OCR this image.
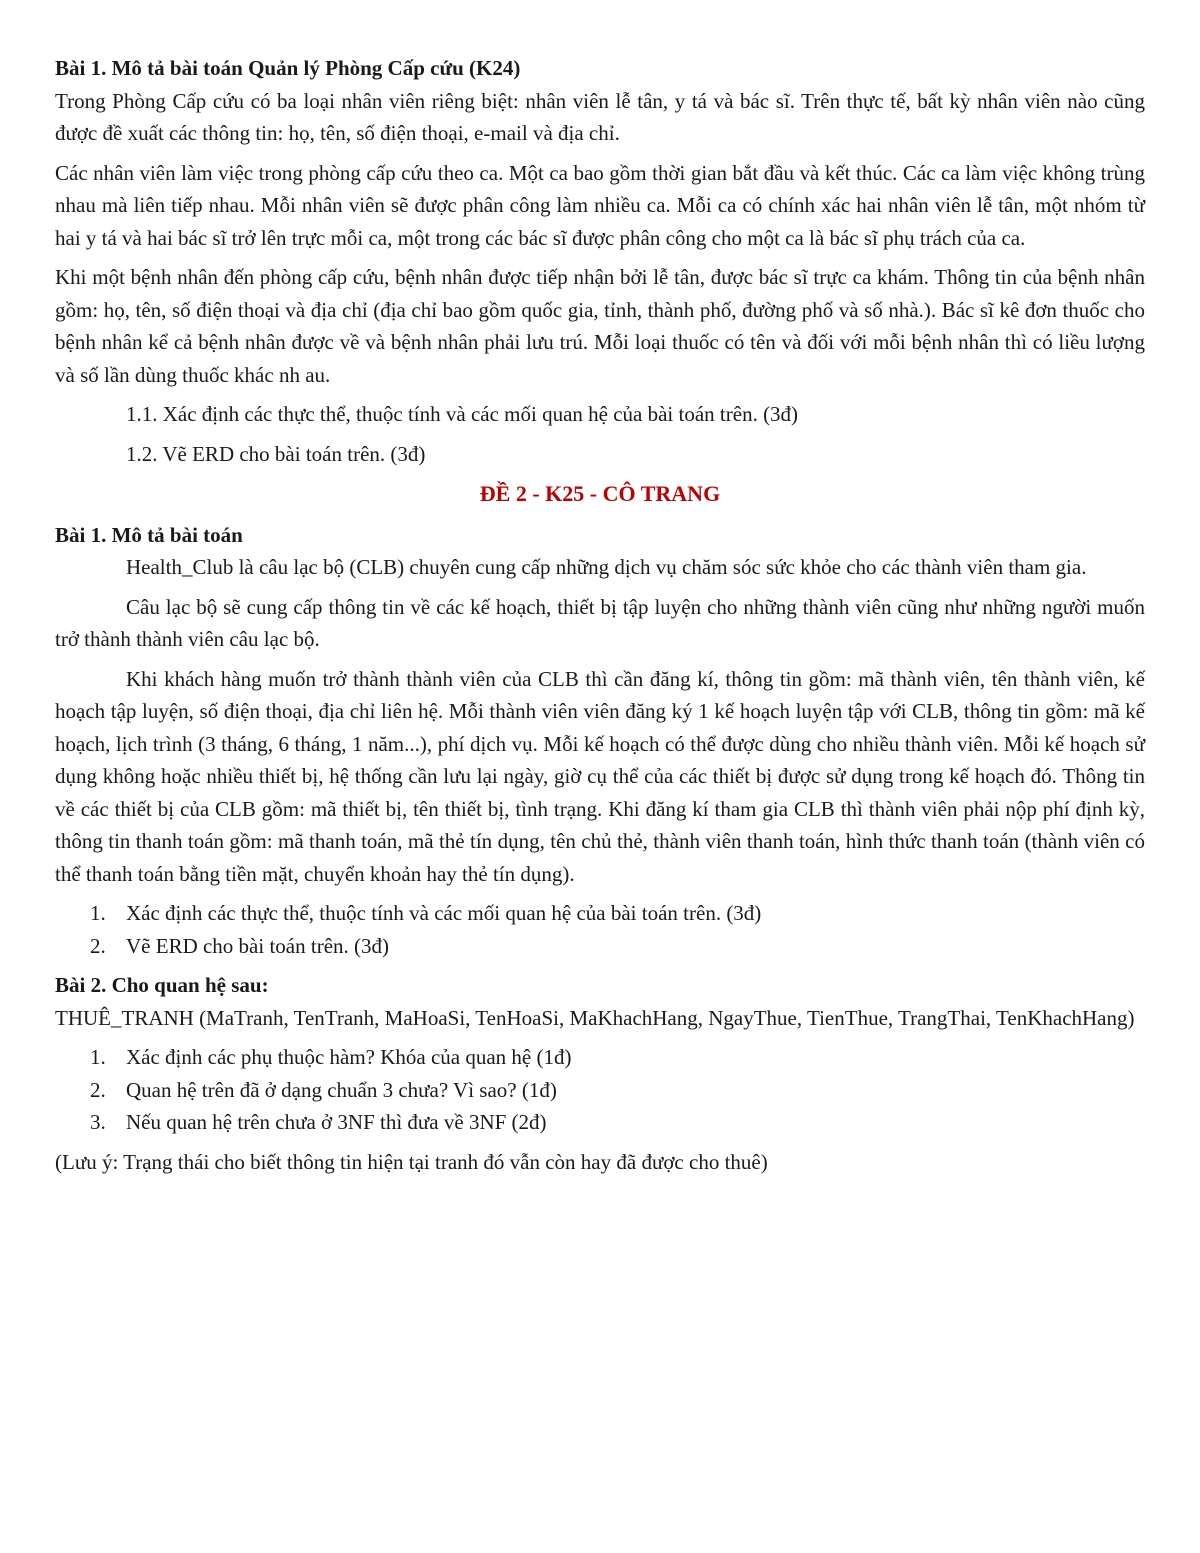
Bài 1. Mô tả bài toán Quản lý Phòng Cấp cứu (K24)

Trong Phòng Cấp cứu có ba loại nhân viên riêng biệt: nhân viên lễ tân, y tá và bác sĩ. Trên thực tế, bất kỳ nhân viên nào cũng được đề xuất các thông tin: họ, tên, số điện thoại, e-mail và địa chỉ.

Các nhân viên làm việc trong phòng cấp cứu theo ca. Một ca bao gồm thời gian bắt đầu và kết thúc. Các ca làm việc không trùng nhau mà liên tiếp nhau. Mỗi nhân viên sẽ được phân công làm nhiều ca. Mỗi ca có chính xác hai nhân viên lễ tân, một nhóm từ hai y tá và hai bác sĩ trở lên trực mỗi ca, một trong các bác sĩ được phân công cho một ca là bác sĩ phụ trách của ca.

Khi một bệnh nhân đến phòng cấp cứu, bệnh nhân được tiếp nhận bởi lễ tân, được bác sĩ trực ca khám. Thông tin của bệnh nhân gồm: họ, tên, số điện thoại và địa chỉ (địa chỉ bao gồm quốc gia, tỉnh, thành phố, đường phố và số nhà.). Bác sĩ kê đơn thuốc cho bệnh nhân kể cả bệnh nhân được về và bệnh nhân phải lưu trú. Mỗi loại thuốc có tên và đối với mỗi bệnh nhân thì có liều lượng và số lần dùng thuốc khác nh au.

1.1. Xác định các thực thể, thuộc tính và các mối quan hệ của bài toán trên. (3đ)

1.2. Vẽ ERD cho bài toán trên. (3đ)

ĐỀ 2 - K25 - CÔ TRANG

Bài 1. Mô tả bài toán

Health_Club là câu lạc bộ (CLB) chuyên cung cấp những dịch vụ chăm sóc sức khỏe cho các thành viên tham gia.

Câu lạc bộ sẽ cung cấp thông tin về các kế hoạch, thiết bị tập luyện cho những thành viên cũng như những người muốn trở thành thành viên câu lạc bộ.

Khi khách hàng muốn trở thành thành viên của CLB thì cần đăng kí, thông tin gồm: mã thành viên, tên thành viên, kế hoạch tập luyện, số điện thoại, địa chỉ liên hệ. Mỗi thành viên viên đăng ký 1 kế hoạch luyện tập với CLB, thông tin gồm: mã kế hoạch, lịch trình (3 tháng, 6 tháng, 1 năm...), phí dịch vụ. Mỗi kế hoạch có thể được dùng cho nhiều thành viên. Mỗi kế hoạch sử dụng không hoặc nhiều thiết bị, hệ thống cần lưu lại ngày, giờ cụ thể của các thiết bị được sử dụng trong kế hoạch đó. Thông tin về các thiết bị của CLB gồm: mã thiết bị, tên thiết bị, tình trạng. Khi đăng kí tham gia CLB thì thành viên phải nộp phí định kỳ, thông tin thanh toán gồm: mã thanh toán, mã thẻ tín dụng, tên chủ thẻ, thành viên thanh toán, hình thức thanh toán (thành viên có thể thanh toán bằng tiền mặt, chuyển khoản hay thẻ tín dụng).

1. Xác định các thực thể, thuộc tính và các mối quan hệ của bài toán trên. (3đ)
2. Vẽ ERD cho bài toán trên. (3đ)

Bài 2. Cho quan hệ sau:

THUÊ_TRANH (MaTranh, TenTranh, MaHoaSi, TenHoaSi, MaKhachHang, NgayThue, TienThue, TrangThai, TenKhachHang)

1. Xác định các phụ thuộc hàm? Khóa của quan hệ (1đ)
2. Quan hệ trên đã ở dạng chuẩn 3 chưa? Vì sao? (1đ)
3. Nếu quan hệ trên chưa ở 3NF thì đưa về 3NF (2đ)

(Lưu ý: Trạng thái cho biết thông tin hiện tại tranh đó vẫn còn hay đã được cho thuê)
